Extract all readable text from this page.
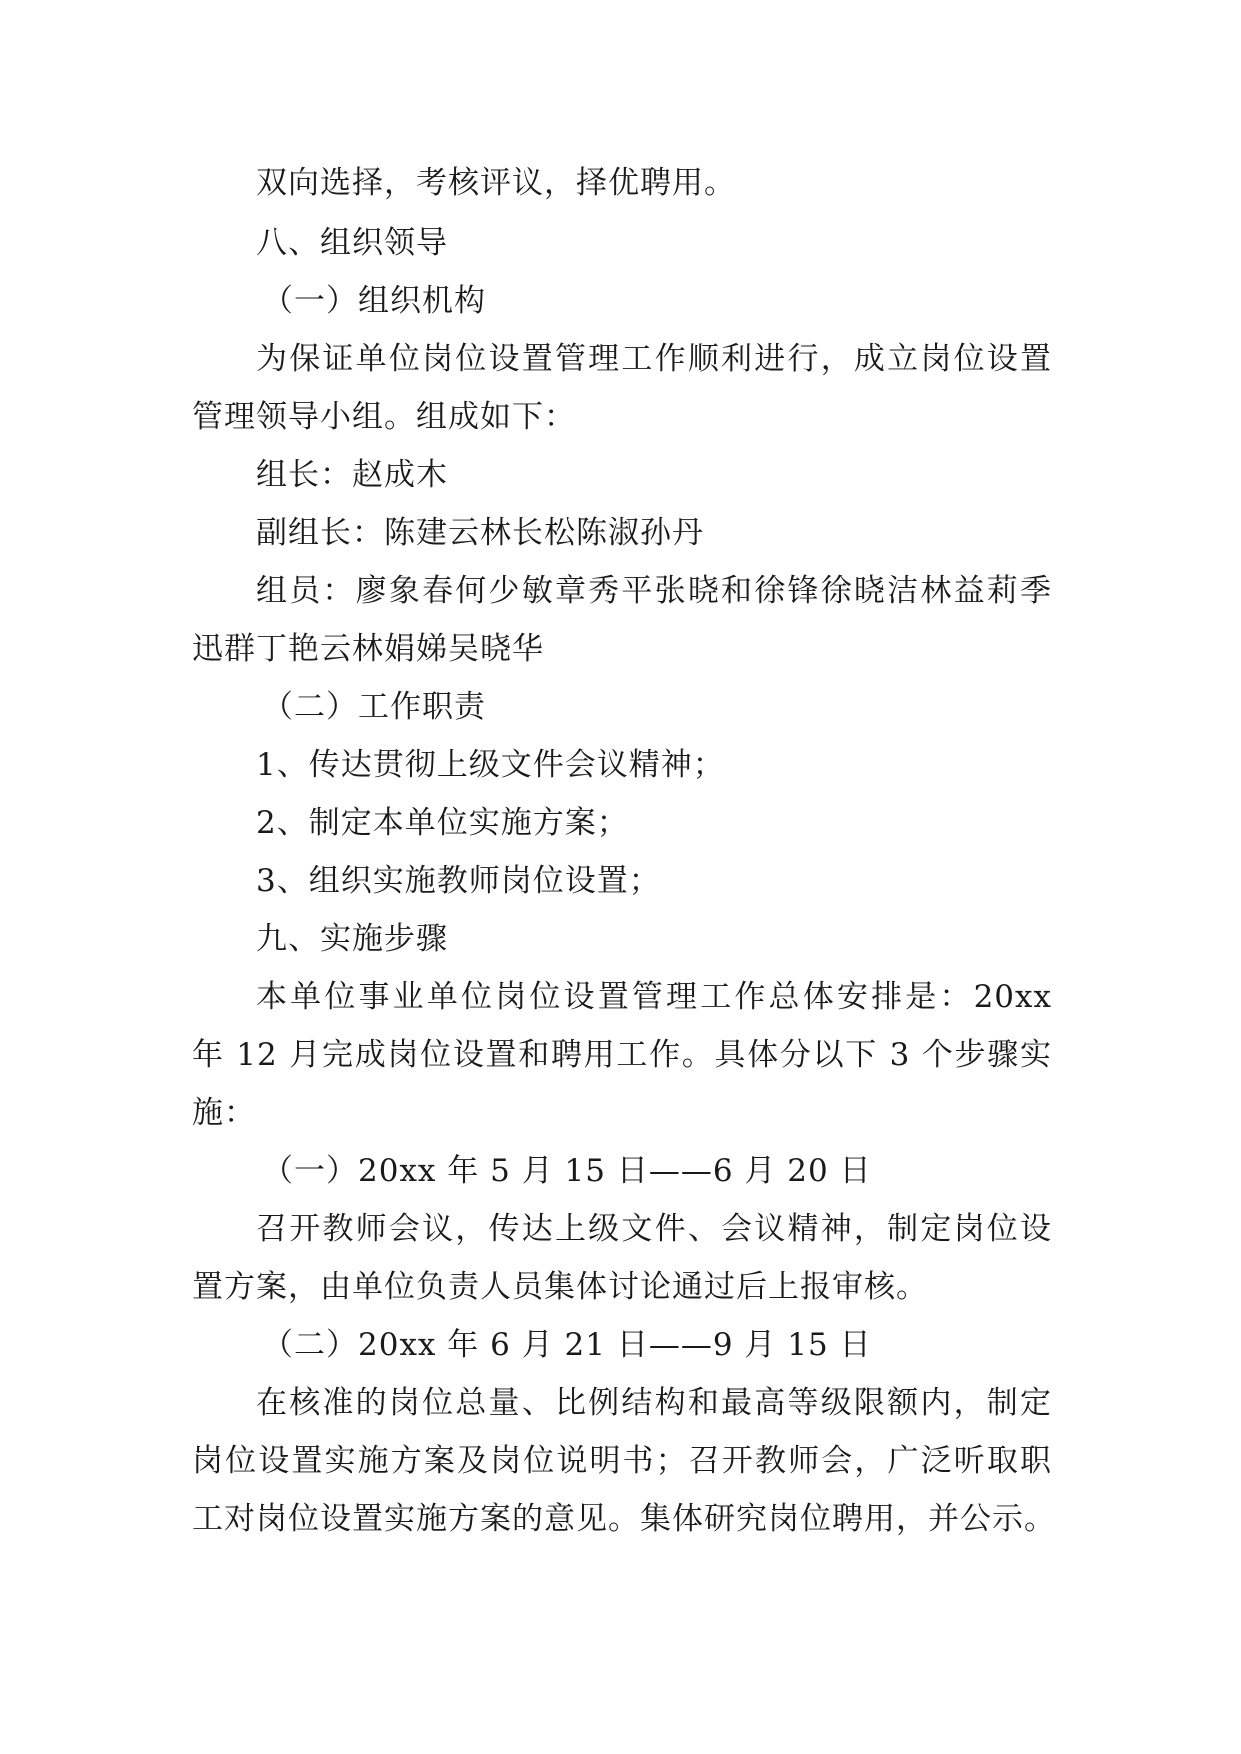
双向选择，考核评议，择优聘用。
八、组织领导
（一）组织机构
为保证单位岗位设置管理工作顺利进行，成立岗位设置
管理领导小组。组成如下：
组长：赵成木
副组长：陈建云林长松陈淑孙丹
组员：廖象春何少敏章秀平张晓和徐锋徐晓洁林益莉季
迅群丁艳云林娟娣吴晓华
（二）工作职责
1、传达贯彻上级文件会议精神；
2、制定本单位实施方案；
3、组织实施教师岗位设置；
九、实施步骤
本单位事业单位岗位设置管理工作总体安排是：20xx
年 12 月完成岗位设置和聘用工作。具体分以下 3 个步骤实
施：
（一）20xx 年 5 月 15 日——6 月 20 日
召开教师会议，传达上级文件、会议精神，制定岗位设
置方案，由单位负责人员集体讨论通过后上报审核。
（二）20xx 年 6 月 21 日——9 月 15 日
在核准的岗位总量、比例结构和最高等级限额内，制定
岗位设置实施方案及岗位说明书；召开教师会，广泛听取职
工对岗位设置实施方案的意见。集体研究岗位聘用，并公示。
